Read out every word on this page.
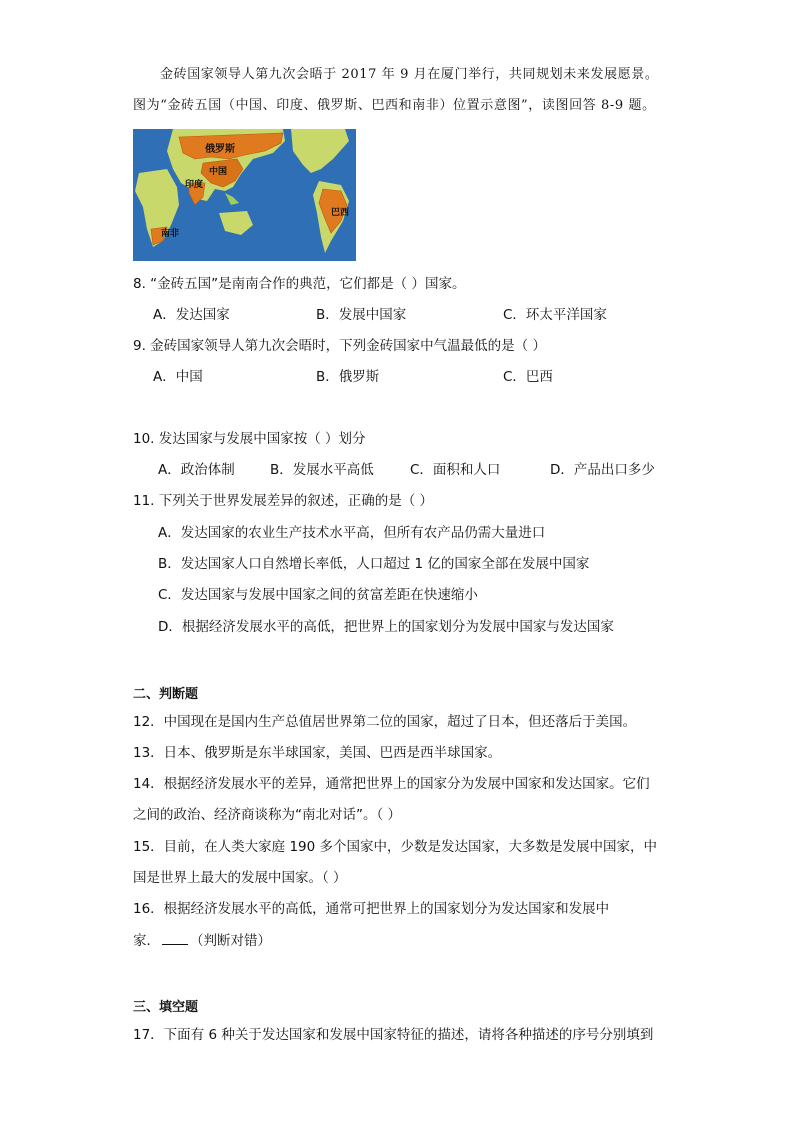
金砖国家领导人第九次会晤于 2017 年 9 月在厦门举行，共同规划未来发展愿景。
图为“金砖五国（中国、印度、俄罗斯、巴西和南非）位置示意图”，读图回答 8-9 题。
俄罗斯
中国
印度
巴西
南非
8. “金砖五国”是南南合作的典范，它们都是（ ）国家。
A．发达国家	B．发展中国家	C．环太平洋国家
9. 金砖国家领导人第九次会晤时，下列金砖国家中气温最低的是（ ）
A．中国	B．俄罗斯	C．巴西
10. 发达国家与发展中国家按（ ）划分
A．政治体制	B．发展水平高低	C．面积和人口	D．产品出口多少
11. 下列关于世界发展差异的叙述，正确的是（ ）
A．发达国家的农业生产技术水平高，但所有农产品仍需大量进口
B．发达国家人口自然增长率低，人口超过 1 亿的国家全部在发展中国家
C．发达国家与发展中国家之间的贫富差距在快速缩小
D．根据经济发展水平的高低，把世界上的国家划分为发展中国家与发达国家
二、判断题
12．中国现在是国内生产总值居世界第二位的国家，超过了日本，但还落后于美国。
13．日本、俄罗斯是东半球国家，美国、巴西是西半球国家。
14．根据经济发展水平的差异，通常把世界上的国家分为发展中国家和发达国家。它们
之间的政治、经济商谈称为“南北对话”。（ ）
15．目前，在人类大家庭 190 多个国家中，少数是发达国家，大多数是发展中国家，中
国是世界上最大的发展中国家。（ ）
16．根据经济发展水平的高低，通常可把世界上的国家划分为发达国家和发展中
家． （判断对错）
三、填空题
17．下面有 6 种关于发达国家和发展中国家特征的描述，请将各种描述的序号分别填到
